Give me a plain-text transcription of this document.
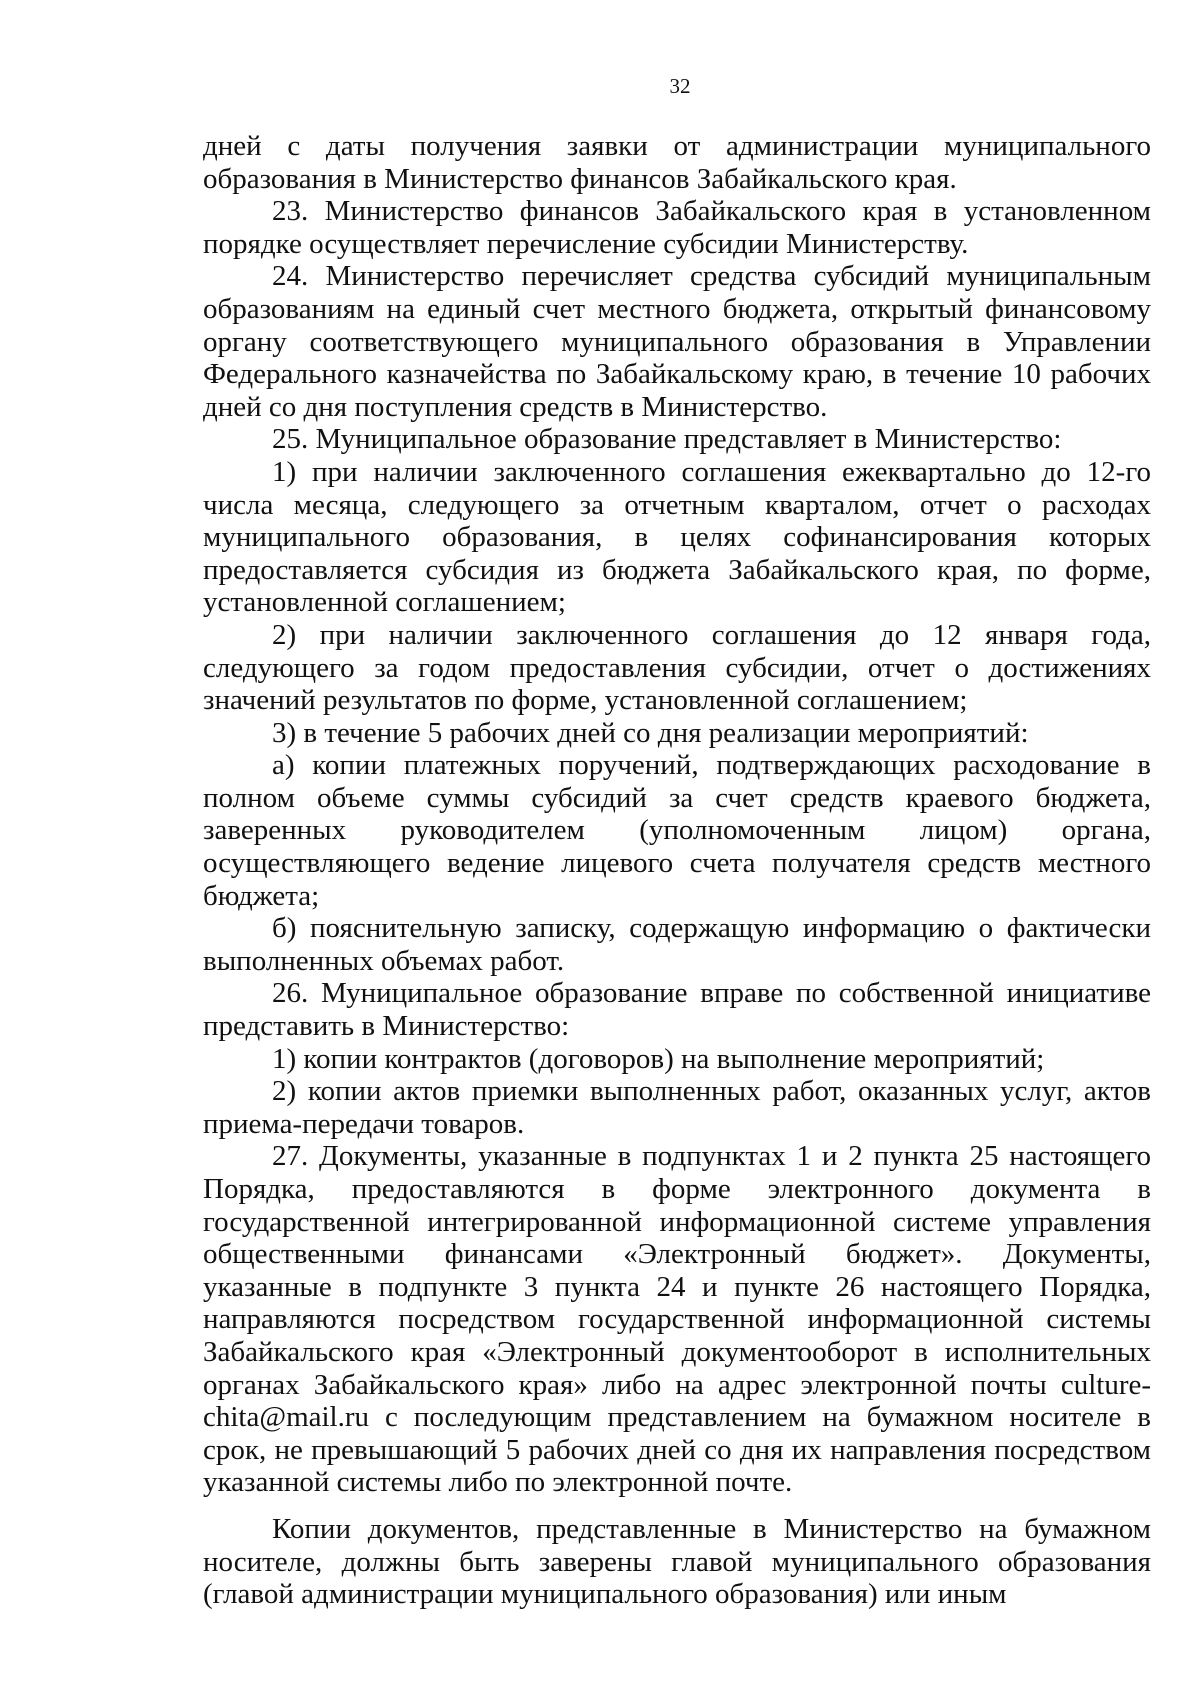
32

дней с даты получения заявки от администрации муниципального образования в Министерство финансов Забайкальского края.

23. Министерство финансов Забайкальского края в установленном порядке осуществляет перечисление субсидии Министерству.

24. Министерство перечисляет средства субсидий муниципальным образованиям на единый счет местного бюджета, открытый финансовому органу соответствующего муниципального образования в Управлении Федерального казначейства по Забайкальскому краю, в течение 10 рабочих дней со дня поступления средств в Министерство.

25. Муниципальное образование представляет в Министерство:

1) при наличии заключенного соглашения ежеквартально до 12-го числа месяца, следующего за отчетным кварталом, отчет о расходах муниципального образования, в целях софинансирования которых предоставляется субсидия из бюджета Забайкальского края, по форме, установленной соглашением;

2) при наличии заключенного соглашения до 12 января года, следующего за годом предоставления субсидии, отчет о достижениях значений результатов по форме, установленной соглашением;

3) в течение 5 рабочих дней со дня реализации мероприятий:

а) копии платежных поручений, подтверждающих расходование в полном объеме суммы субсидий за счет средств краевого бюджета, заверенных руководителем (уполномоченным лицом) органа, осуществляющего ведение лицевого счета получателя средств местного бюджета;

б) пояснительную записку, содержащую информацию о фактически выполненных объемах работ.

26. Муниципальное образование вправе по собственной инициативе представить в Министерство:

1) копии контрактов (договоров) на выполнение мероприятий;

2) копии актов приемки выполненных работ, оказанных услуг, актов приема-передачи товаров.

27. Документы, указанные в подпунктах 1 и 2 пункта 25 настоящего Порядка, предоставляются в форме электронного документа в государственной интегрированной информационной системе управления общественными финансами «Электронный бюджет». Документы, указанные в подпункте 3 пункта 24 и пункте 26 настоящего Порядка, направляются посредством государственной информационной системы Забайкальского края «Электронный документооборот в исполнительных органах Забайкальского края» либо на адрес электронной почты culture-chita@mail.ru с последующим представлением на бумажном носителе в срок, не превышающий 5 рабочих дней со дня их направления посредством указанной системы либо по электронной почте.

Копии документов, представленные в Министерство на бумажном носителе, должны быть заверены главой муниципального образования (главой администрации муниципального образования) или иным
